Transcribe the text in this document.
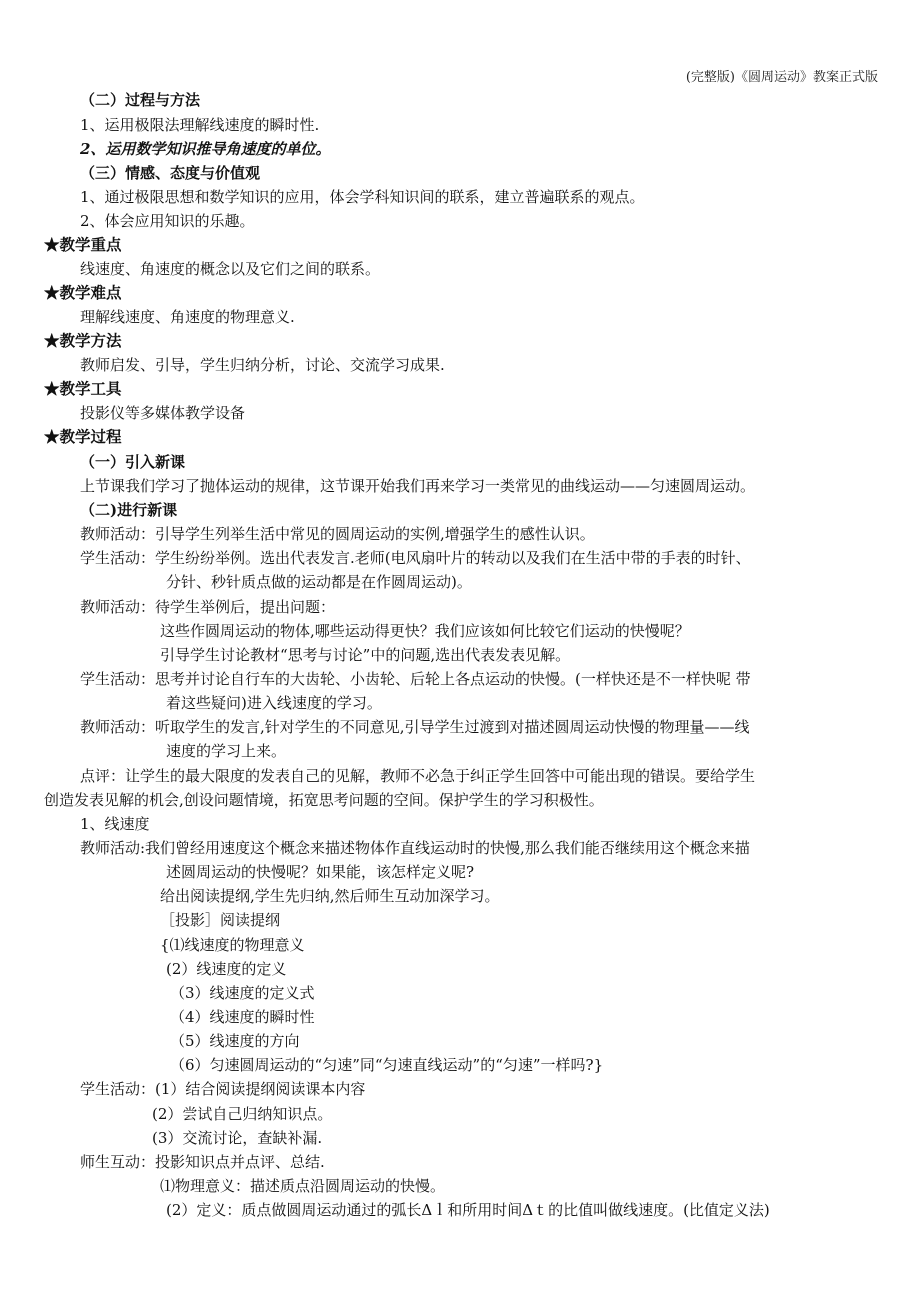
(完整版)《圆周运动》教案正式版
（二）过程与方法
1、运用极限法理解线速度的瞬时性.
2、运用数学知识推导角速度的单位。
（三）情感、态度与价值观
1、通过极限思想和数学知识的应用，体会学科知识间的联系，建立普遍联系的观点。
2、体会应用知识的乐趣。
★教学重点
线速度、角速度的概念以及它们之间的联系。
★教学难点
理解线速度、角速度的物理意义.
★教学方法
教师启发、引导，学生归纳分析，讨论、交流学习成果.
★教学工具
投影仪等多媒体教学设备
★教学过程
（一）引入新课
上节课我们学习了抛体运动的规律，这节课开始我们再来学习一类常见的曲线运动——匀速圆周运动。
（二)进行新课
教师活动：引导学生列举生活中常见的圆周运动的实例,增强学生的感性认识。
学生活动：学生纷纷举例。选出代表发言.老师(电风扇叶片的转动以及我们在生活中带的手表的时针、
分针、秒针质点做的运动都是在作圆周运动)。
教师活动：待学生举例后，提出问题：
这些作圆周运动的物体,哪些运动得更快？我们应该如何比较它们运动的快慢呢？
引导学生讨论教材“思考与讨论”中的问题,选出代表发表见解。
学生活动：思考并讨论自行车的大齿轮、小齿轮、后轮上各点运动的快慢。(一样快还是不一样快呢 带
着这些疑问)进入线速度的学习。
教师活动：听取学生的发言,针对学生的不同意见,引导学生过渡到对描述圆周运动快慢的物理量——线
速度的学习上来。
点评：让学生的最大限度的发表自己的见解，教师不必急于纠正学生回答中可能出现的错误。要给学生
创造发表见解的机会,创设问题情境，拓宽思考问题的空间。保护学生的学习积极性。
1、线速度
教师活动:我们曾经用速度这个概念来描述物体作直线运动时的快慢,那么我们能否继续用这个概念来描
述圆周运动的快慢呢？如果能，该怎样定义呢?
给出阅读提纲,学生先归纳,然后师生互动加深学习。
［投影］阅读提纲
{⑴线速度的物理意义
(2）线速度的定义
（3）线速度的定义式
（4）线速度的瞬时性
（5）线速度的方向
（6）匀速圆周运动的“匀速”同“匀速直线运动”的“匀速”一样吗?}
学生活动：(1）结合阅读提纲阅读课本内容
(2）尝试自己归纳知识点。
(3）交流讨论，查缺补漏.
师生互动：投影知识点并点评、总结.
⑴物理意义：描述质点沿圆周运动的快慢。
(2）定义：质点做圆周运动通过的弧长Δｌ和所用时间Δｔ的比值叫做线速度。(比值定义法)
